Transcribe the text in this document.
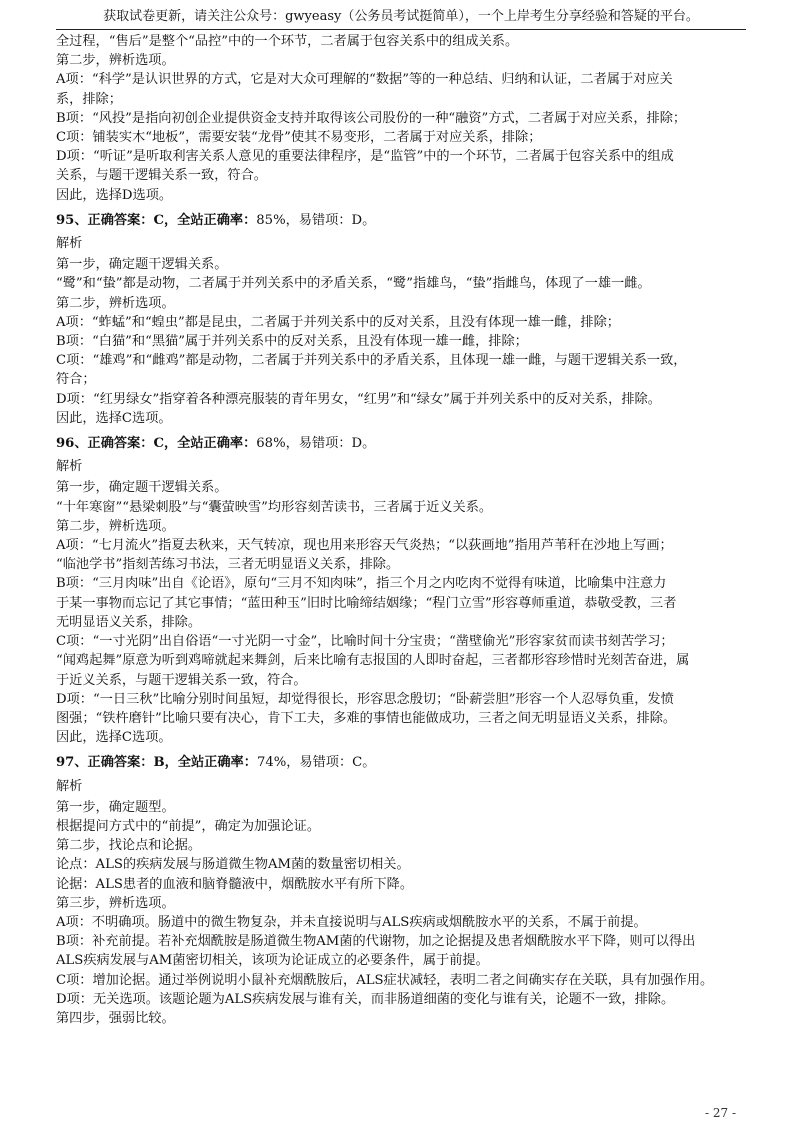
获取试卷更新，请关注公众号：gwyeasy（公务员考试挺简单），一个上岸考生分享经验和答疑的平台。

全过程，“售后”是整个“品控”中的一个环节，二者属于包容关系中的组成关系。

第二步，辨析选项。

A项：“科学”是认识世界的方式，它是对大众可理解的“数据”等的一种总结、归纳和认证，二者属于对应关

系，排除；

B项：“风投”是指向初创企业提供资金支持并取得该公司股份的一种“融资”方式，二者属于对应关系，排除；

C项：铺装实木“地板”，需要安装“龙骨”使其不易变形，二者属于对应关系，排除；

D项：“听证”是听取利害关系人意见的重要法律程序，是“监管”中的一个环节，二者属于包容关系中的组成

关系，与题干逻辑关系一致，符合。

因此，选择D选项。

95、正确答案：C，全站正确率：85%，易错项：D。

解析

第一步，确定题干逻辑关系。

“鹭”和“蛰”都是动物，二者属于并列关系中的矛盾关系，“鹭”指雄鸟，“蛰”指雌鸟，体现了一雄一雌。

第二步，辨析选项。

A项：“蚱蜢”和“蝗虫”都是昆虫，二者属于并列关系中的反对关系，且没有体现一雄一雌，排除；

B项：“白猫”和“黑猫”属于并列关系中的反对关系，且没有体现一雄一雌，排除；

C项：“雄鸡”和“雌鸡”都是动物，二者属于并列关系中的矛盾关系，且体现一雄一雌，与题干逻辑关系一致，

符合；

D项：“红男绿女”指穿着各种漂亮服装的青年男女，“红男”和“绿女”属于并列关系中的反对关系，排除。

因此，选择C选项。

96、正确答案：C，全站正确率：68%，易错项：D。

解析

第一步，确定题干逻辑关系。

“十年寒窗”“悬梁刺股”与“囊萤映雪”均形容刻苦读书，三者属于近义关系。

第二步，辨析选项。

A项：“七月流火”指夏去秋来，天气转凉，现也用来形容天气炎热；“以荻画地”指用芦苇秆在沙地上写画；

“临池学书”指刻苦练习书法，三者无明显语义关系，排除。

B项：“三月肉味”出自《论语》，原句“三月不知肉味”，指三个月之内吃肉不觉得有味道，比喻集中注意力

于某一事物而忘记了其它事情；“蓝田种玉”旧时比喻缔结姻缘；“程门立雪”形容尊师重道，恭敬受教，三者

无明显语义关系，排除。

C项：“一寸光阴”出自俗语“一寸光阴一寸金”，比喻时间十分宝贵；“凿壁偷光”形容家贫而读书刻苦学习；

“闻鸡起舞”原意为听到鸡啼就起来舞剑，后来比喻有志报国的人即时奋起，三者都形容珍惜时光刻苦奋进，属

于近义关系，与题干逻辑关系一致，符合。

D项：“一日三秋”比喻分别时间虽短，却觉得很长，形容思念殷切；“卧薪尝胆”形容一个人忍辱负重，发愤

图强；“铁杵磨针”比喻只要有决心，肯下工夫，多难的事情也能做成功，三者之间无明显语义关系，排除。

因此，选择C选项。

97、正确答案：B，全站正确率：74%，易错项：C。

解析

第一步，确定题型。

根据提问方式中的“前提”，确定为加强论证。

第二步，找论点和论据。

论点：ALS的疾病发展与肠道微生物AM菌的数量密切相关。

论据：ALS患者的血液和脑脊髓液中，烟酰胺水平有所下降。

第三步，辨析选项。

A项：不明确项。肠道中的微生物复杂，并未直接说明与ALS疾病或烟酰胺水平的关系，不属于前提。

B项：补充前提。若补充烟酰胺是肠道微生物AM菌的代谢物，加之论据提及患者烟酰胺水平下降，则可以得出

ALS疾病发展与AM菌密切相关，该项为论证成立的必要条件，属于前提。

C项：增加论据。通过举例说明小鼠补充烟酰胺后，ALS症状减轻，表明二者之间确实存在关联，具有加强作用。

D项：无关选项。该题论题为ALS疾病发展与谁有关，而非肠道细菌的变化与谁有关，论题不一致，排除。

第四步，强弱比较。

- 27 -
